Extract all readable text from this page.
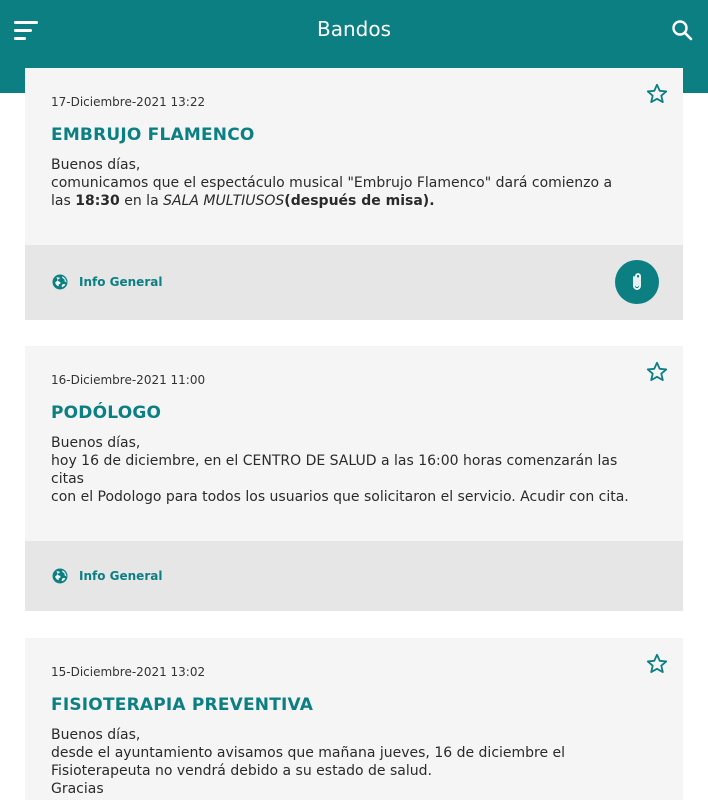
Bandos
17-Diciembre-2021 13:22
EMBRUJO FLAMENCO
Buenos días,
comunicamos que el espectáculo musical "Embrujo Flamenco" dará comienzo a
las 18:30 en la SALA MULTIUSOS(después de misa).
Info General
16-Diciembre-2021 11:00
PODÓLOGO
Buenos días,
hoy 16 de diciembre, en el CENTRO DE SALUD a las 16:00 horas comenzarán las citas
con el Podologo para todos los usuarios que solicitaron el servicio. Acudir con cita.
Info General
15-Diciembre-2021 13:02
FISIOTERAPIA PREVENTIVA
Buenos días,
desde el ayuntamiento avisamos que mañana jueves, 16 de diciembre el
Fisioterapeuta no vendrá debido a su estado de salud.
Gracias
